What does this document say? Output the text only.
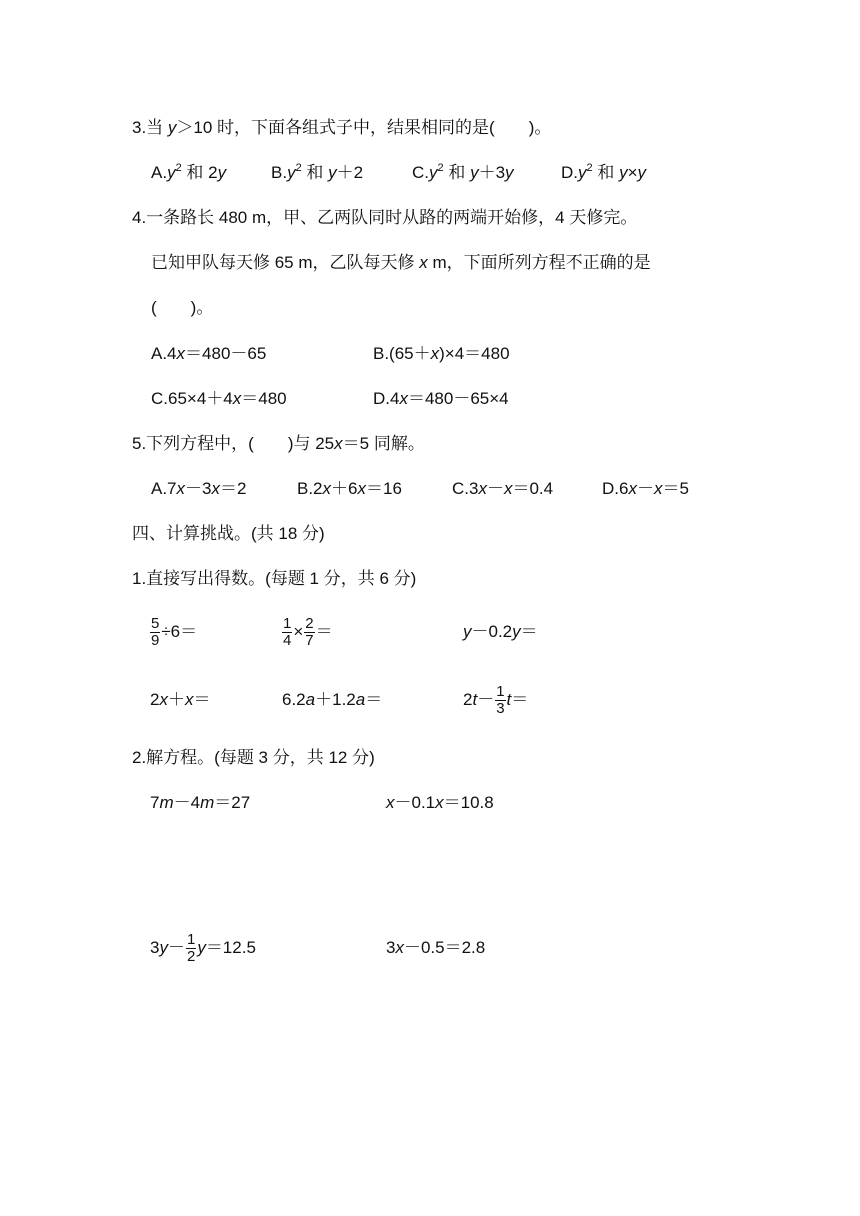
3.当 y＞10 时，下面各组式子中，结果相同的是(　　)。
$A.y^2$ 和 2y	$B.y^2$ 和 y＋2	$C.y^2$ 和 y＋3y	$D.y^2$ 和 y×y
4.一条路长 480 m，甲、乙两队同时从路的两端开始修，4 天修完。
已知甲队每天修 65 m，乙队每天修 x m，下面所列方程不正确的是
(　　)。
A.4x＝480－65	B.(65＋x)×4＝480
C.65×4＋4x＝480	D.4x＝480－65×4
5.下列方程中，(　　)与 25x＝5 同解。
A.7x－3x＝2	B.2x＋6x＝16	C.3x－x＝0.4	D.6x－x＝5
四、计算挑战。(共 18 分)
1.直接写出得数。(每题 1 分，共 6 分)
$\frac{5}{9} \div 6=$	$\frac{1}{4} \times \frac{2}{7}$ ＝	y－0.2y＝
2x＋x＝	6.2a＋1.2a＝	$2t- \frac{1}{3} t=$
2.解方程。(每题 3 分，共 12 分)
7m－4m＝27	x－0.1x＝10.8
$3y- \frac{1}{2} y=12.5$	3x－0.5＝2.8
